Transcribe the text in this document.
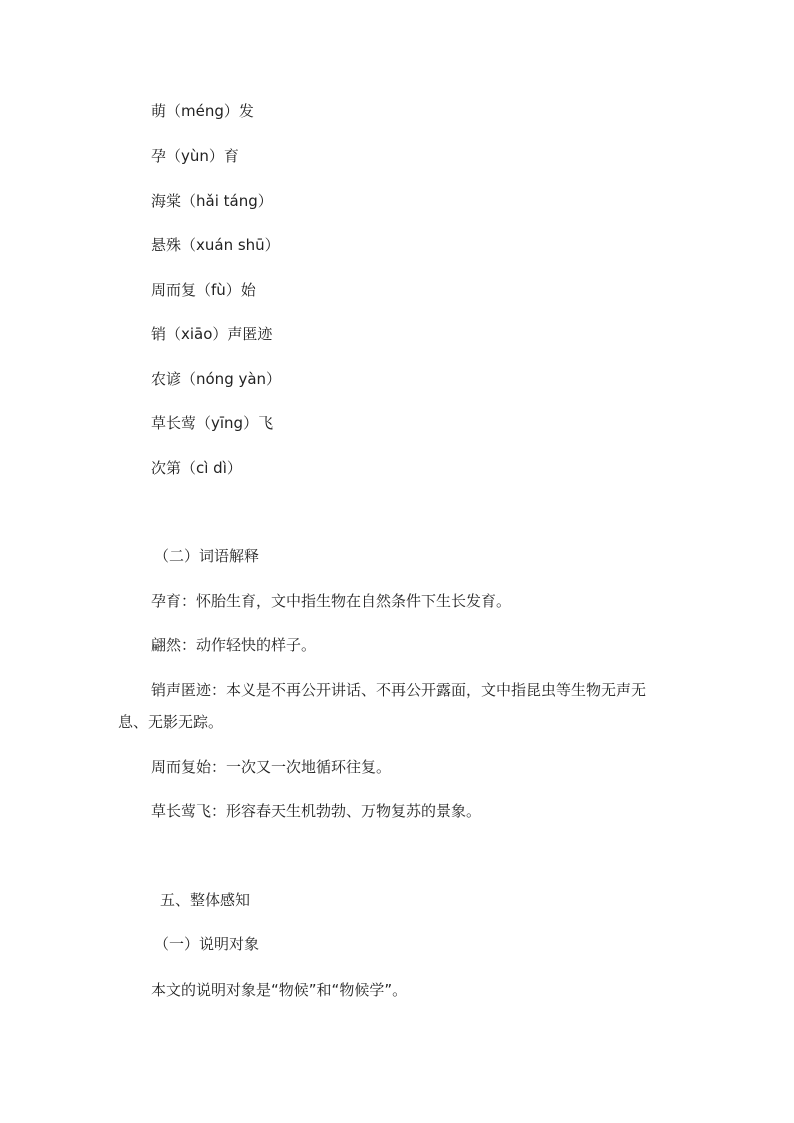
萌（méng）发
孕（yùn）育
海棠（hǎi táng）
悬殊（xuán shū）
周而复（fù）始
销（xiāo）声匿迹
农谚（nóng yàn）
草长莺（yīng）飞
次第（cì dì）
（二）词语解释
孕育：怀胎生育，文中指生物在自然条件下生长发育。
翩然：动作轻快的样子。
销声匿迹：本义是不再公开讲话、不再公开露面，文中指昆虫等生物无声无
息、无影无踪。
周而复始：一次又一次地循环往复。
草长莺飞：形容春天生机勃勃、万物复苏的景象。
五、整体感知
（一）说明对象
本文的说明对象是“物候”和“物候学”。
